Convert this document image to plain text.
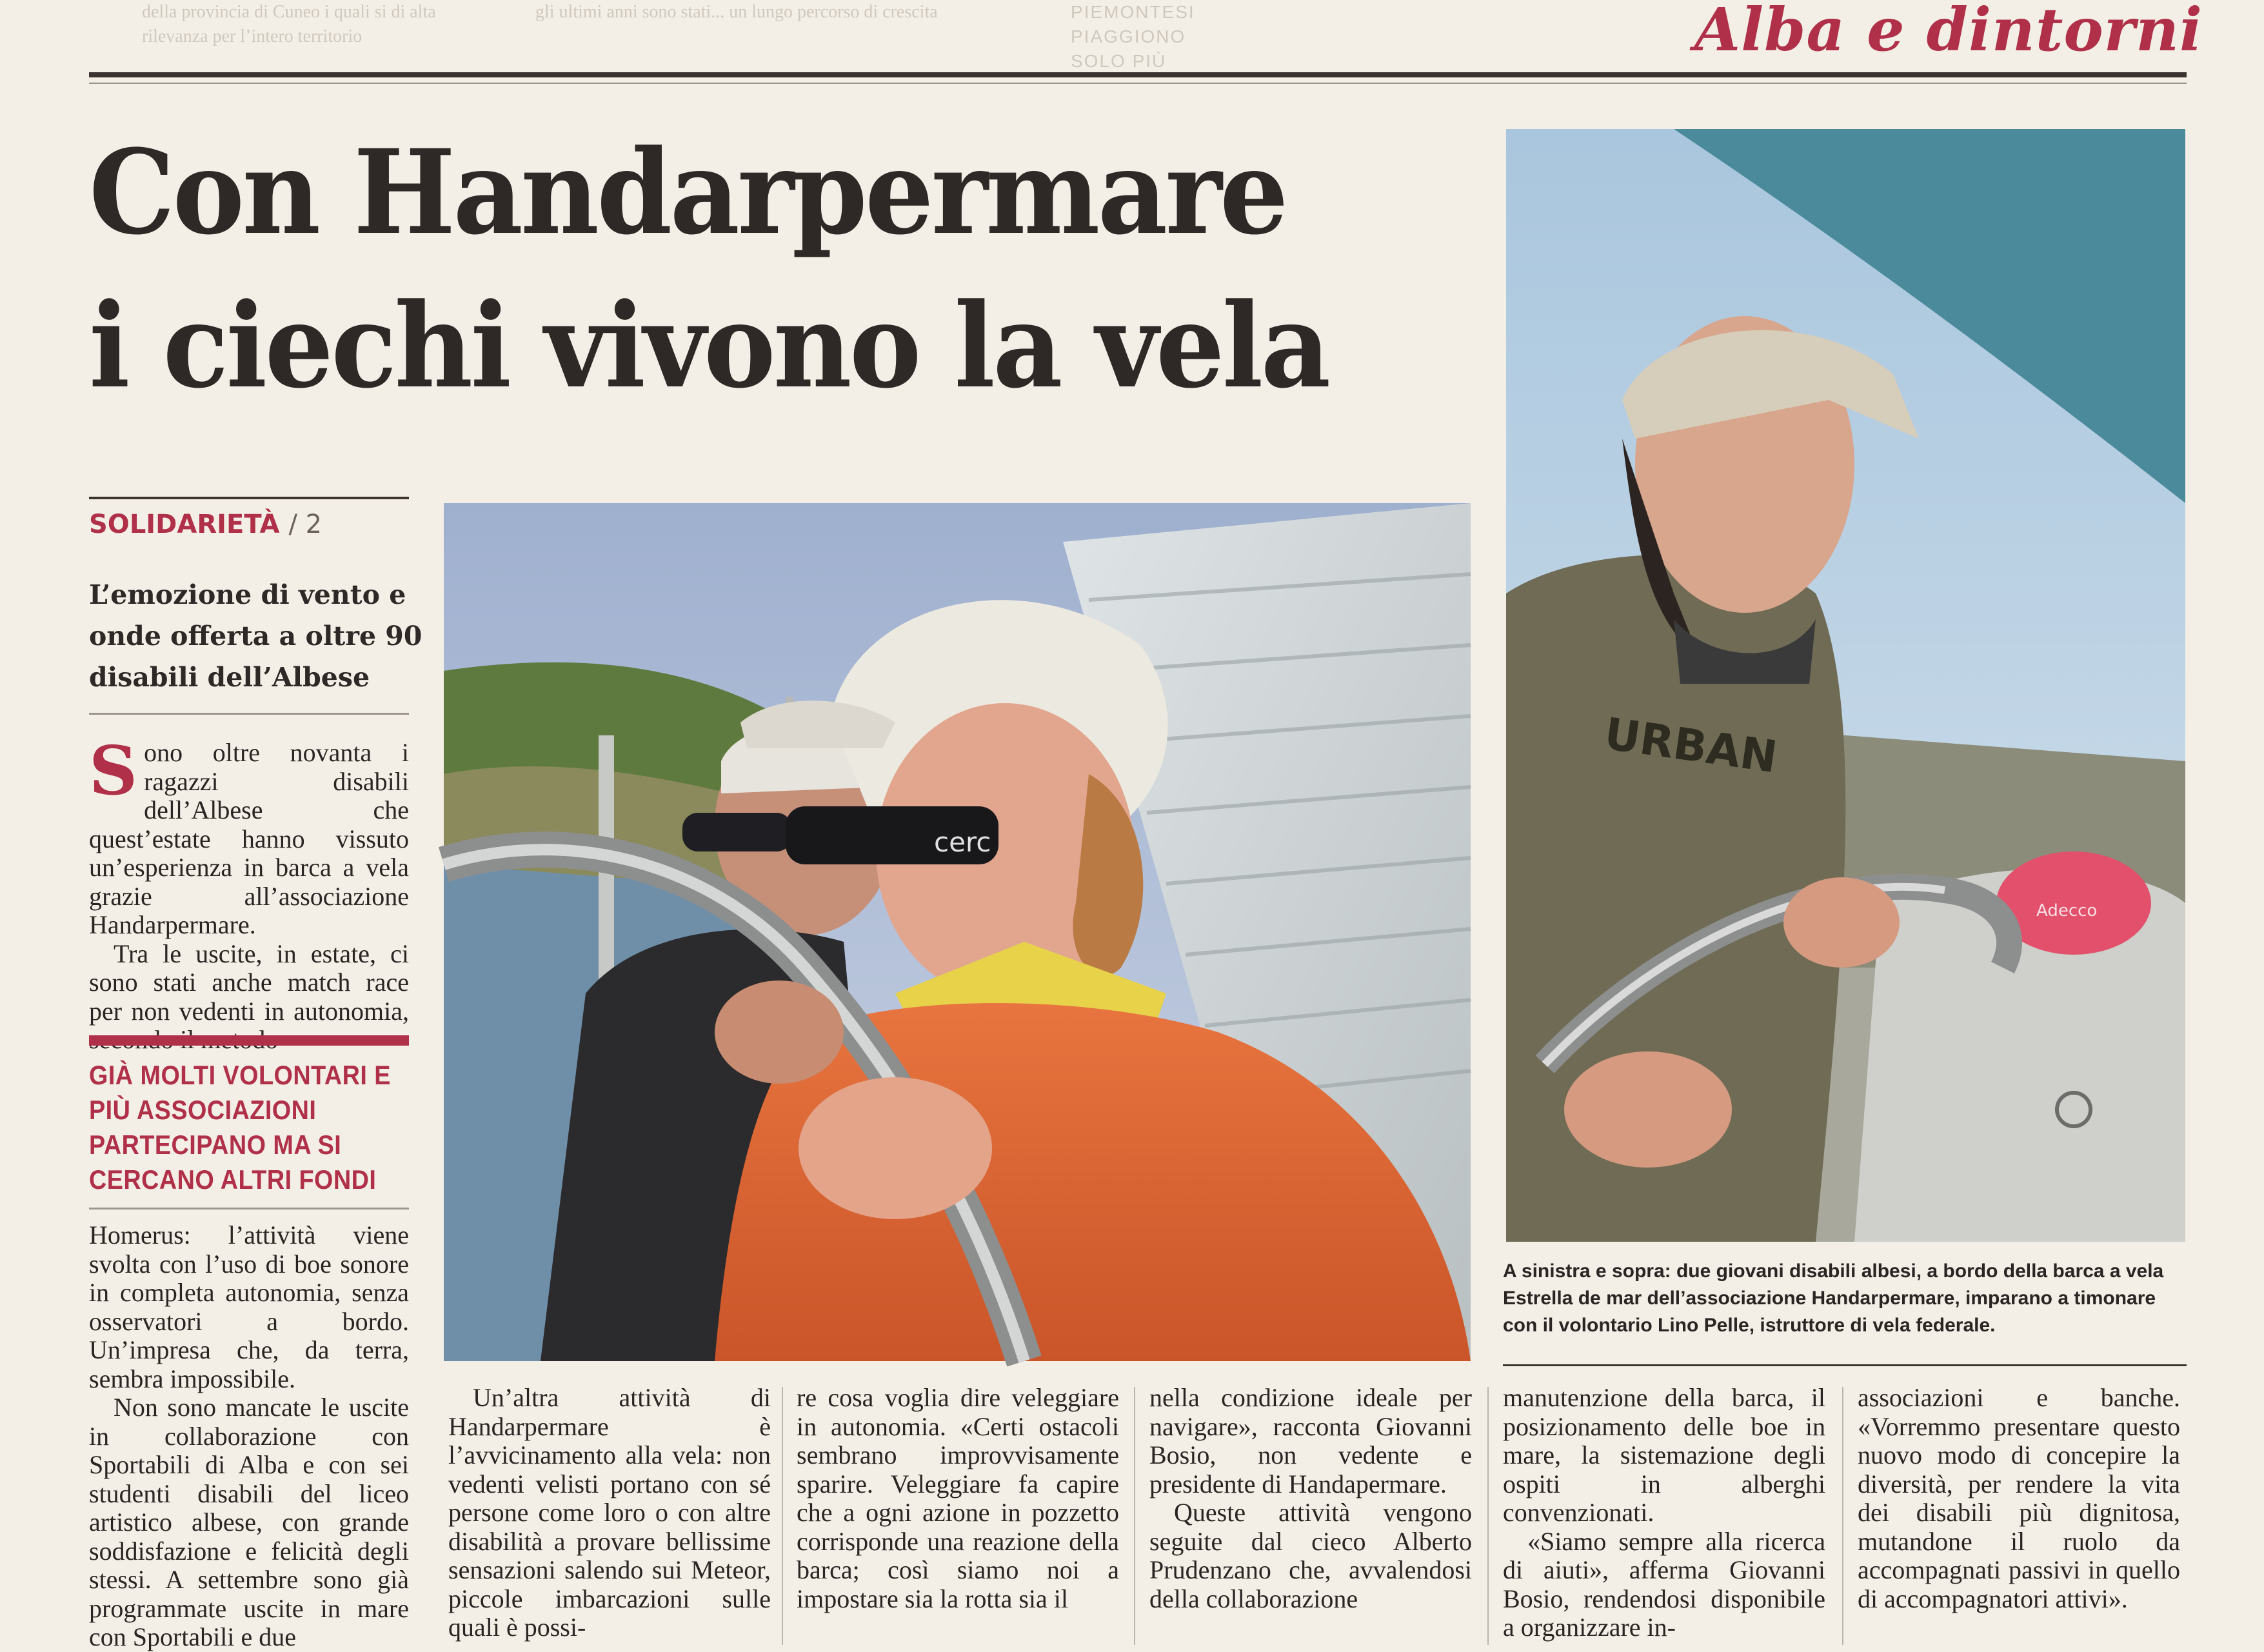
della provincia di Cuneo i quali si di alta rilevanza per l’intero territorio
gli ultimi anni sono stati... un lungo percorso di crescita	PIEMONTESI PIAGGIONO SOLO PIÙ	Alba e dintorni
Con Handarpermare
i ciechi vivono la vela
SOLIDARIETÀ / 2
L’emozione di vento e onde offerta a oltre 90 disabili dell’Albese

Sono oltre novanta i ragazzi disabili dell’Albese che quest’estate hanno vissuto un’esperienza in barca a vela grazie all’associazione Handarpermare.

Tra le uscite, in estate, ci sono stati anche match race per non vedenti in autonomia,

GIÀ MOLTI VOLONTARI E PIÙ ASSOCIAZIONI PARTECIPANO MA SI CERCANO ALTRI FONDI

Homerus: l’attività viene svolta con l’uso di boe sonore in completa autonomia, senza osservatori a bordo. Un’impresa che, da terra, sembra impossibile.

Non sono mancate le uscite in collaborazione con Sportabili di Alba e con sei studenti disabili del liceo artistico albese, con grande soddisfazione e felicità degli stessi. A settembre sono già programmate uscite in mare con Sportabili e due

cerc
Adecco
URBAN
A sinistra e sopra: due giovani disabili albesi, a bordo della barca a vela Estrella de mar dell’associazione Handarpermare, imparano a timonare con il volontario Lino Pelle, istruttore di vela federale.

Un’altra attività di Handarpermare è l’avvicinamento alla vela: non vedenti velisti portano con sé persone come loro o con altre disabilità a provare bellissime sensazioni salendo sui Meteor, piccole imbarcazioni sulle quali è possi-

re cosa voglia dire veleggiare in autonomia. «Certi ostacoli sembrano improvvisamente sparire. Veleggiare fa capire che a ogni azione in pozzetto corrisponde una reazione della barca; così siamo noi a impostare sia la rotta sia il

nella condizione ideale per navigare», racconta Giovanni Bosio, non vedente e presidente di Handapermare.

Queste attività vengono seguite dal cieco Alberto Prudenzano che, avvalendosi della collaborazione

manutenzione della barca, il posizionamento delle boe in mare, la sistemazione degli ospiti in alberghi convenzionati.

«Siamo sempre alla ricerca di aiuti», afferma Giovanni Bosio, rendendosi disponibile a organizzare in-

associazioni e banche. «Vorremmo presentare questo nuovo modo di concepire la diversità, per rendere la vita dei disabili più dignitosa, mutandone il ruolo da accompagnati passivi in quello di accompagnatori attivi».
